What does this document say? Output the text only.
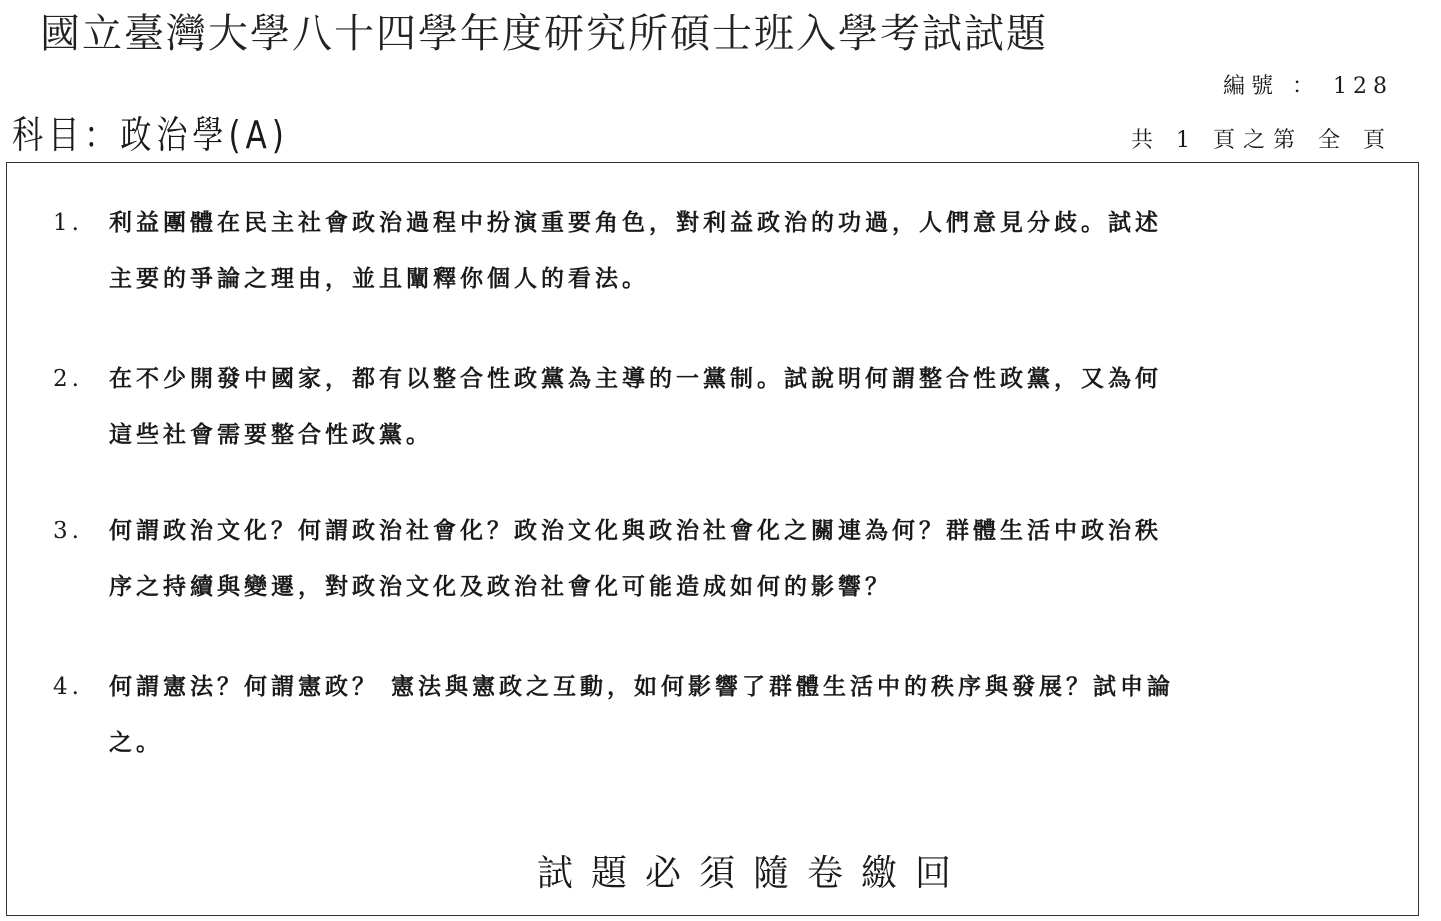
國立臺灣大學八十四學年度研究所碩士班入學考試試題
編號 ： 128
科目：政治學(A)	共 1 頁之第 全 頁
1. 利益團體在民主社會政治過程中扮演重要角色，對利益政治的功過，人們意見分歧。試述
主要的爭論之理由，並且闡釋你個人的看法。
2. 在不少開發中國家，都有以整合性政黨為主導的一黨制。試說明何謂整合性政黨，又為何
這些社會需要整合性政黨。
3. 何謂政治文化？何謂政治社會化？政治文化與政治社會化之關連為何？群體生活中政治秩
序之持續與變遷，對政治文化及政治社會化可能造成如何的影響？
4. 何謂憲法？何謂憲政？ 憲法與憲政之互動，如何影響了群體生活中的秩序與發展？試申論
之。
試題必須隨卷繳回
